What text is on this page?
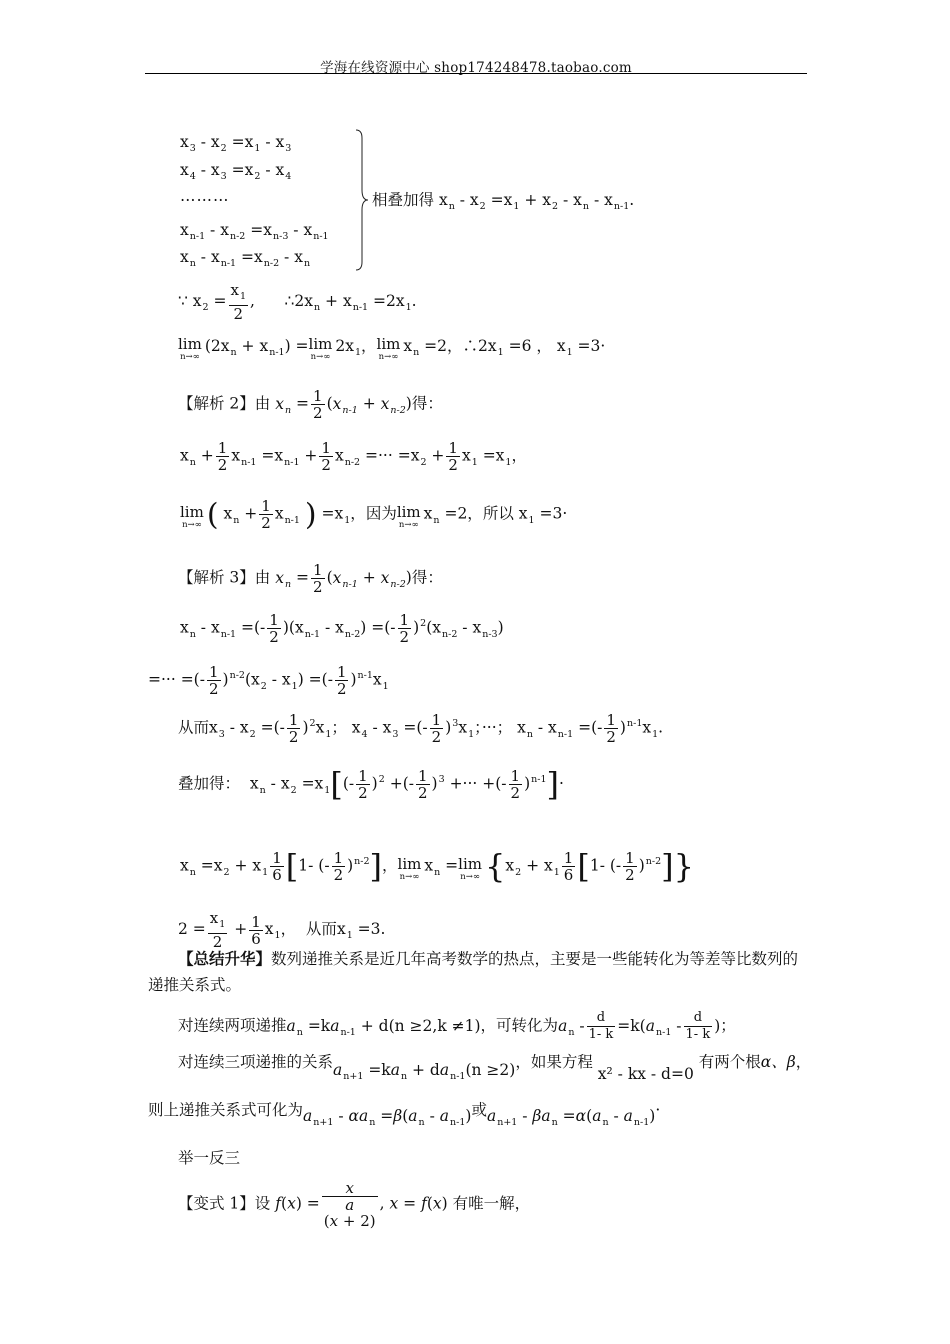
学海在线资源中心 shop174248478.taobao.com
$x_3 - x_2 =x_1 - x_3$
$x_4 - x_3 =x_2 - x_4$
………
$x_{n-1} - x_{n-2} =x_{n-3} - x_{n-1}$
$x_n - x_{n-1} =x_{n-2} - x_n$
相叠加得 $x_n - x_2 =x_1 + x_2 - x_n - x_{n-1}$.
∵ $x_2 = \frac{x_1}{2}$ ,      $\therefore 2x_n + x_{n-1} =2x_1$.
lim
n→∞
$(2x_n + x_{n-1}) = \lim$
n→∞
$2x_1$， lim
n→∞
$x_n =2$，$\therefore 2x_1 =6$ ， $x_1 =3\cdot$
【解析 2】由 $x_n = \frac{1}{2} (x_{n-1} + x_{n-2})$得：
$x_n + \frac{1}{2} x_{n-1} =x_{n-1} + \frac{1}{2} x_{n-2}$ =··· $=x_2 + \frac{1}{2} x_1 =x_1$，
lim
n→∞ ( $x_n + \frac{1}{2} x_{n-1}$ ) $=x_1$，因为 lim
n→∞
$x_n =2$，所以 $x_1 =3\cdot$
【解析 3】由 $x_n = \frac{1}{2} (x_{n-1} + x_{n-2})$得：
$x_n - x_{n-1}$ =(- $\frac{1}{2} )(x_{n-1} - x_{n-2})$ =(- $\frac{1}{2} )^2(x_{n-2} - x_{n-3})$
=··· =(- $\frac{1}{2} )^{n-2}(x_2 - x_1)$ =(- $\frac{1}{2} )^{n-1}x_1$
从而$x_3 - x_2$ =(- $\frac{1}{2} )^2x_1$； $x_4 - x_3$ =(- $\frac{1}{2} )^3x_1$；···； $x_n - x_{n-1}$ =(- $\frac{1}{2} )^{n-1}x_1$.
叠加得：  $x_n - x_2 =x_1[(- \frac{1}{2} )^2$ +(- $\frac{1}{2} )^3$ +··· +(- $\frac{1}{2} )^{n-1}]\cdot$
$x_n =x_2 + x_1 \frac{1}{6} [1-$ (- $\frac{1}{2} )^{n-2}$]， lim
n→∞
$x_n = \lim$
n→∞ {$x_2 + x_1 \frac{1}{6} [1-$ (- $\frac{1}{2} )^{n-2}$]}
$2 = \frac{x_1}{2} + \frac{1}{6} x_1$，  从而$x_1 =3$.
【总结升华】数列递推关系是近几年高考数学的热点，主要是一些能转化为等差等比数列的递推关系式。
对连续两项递推$a_n =ka_{n-1} + d(n \ge 2,k \ne 1)$，可转化为$a_n - \frac{d}{1- k} =k(a_{n-1} - \frac{d}{1- k}$ )；
对连续三项递推的关系$a_{n+1} =ka_n + da_{n-1}(n \ge 2)$，如果方程 x² - kx - d=0 有两个根α、β，
则上递推关系式可化为$a_{n+1} - \alpha a_n =\beta(a_n - a_{n-1})$或$a_{n+1} - \beta a_n =\alpha(a_n - a_{n-1})\cdot$
举一反三
【变式 1】设 f(x) =
x
a
(x + 2)
, x = f(x) 有唯一解，
